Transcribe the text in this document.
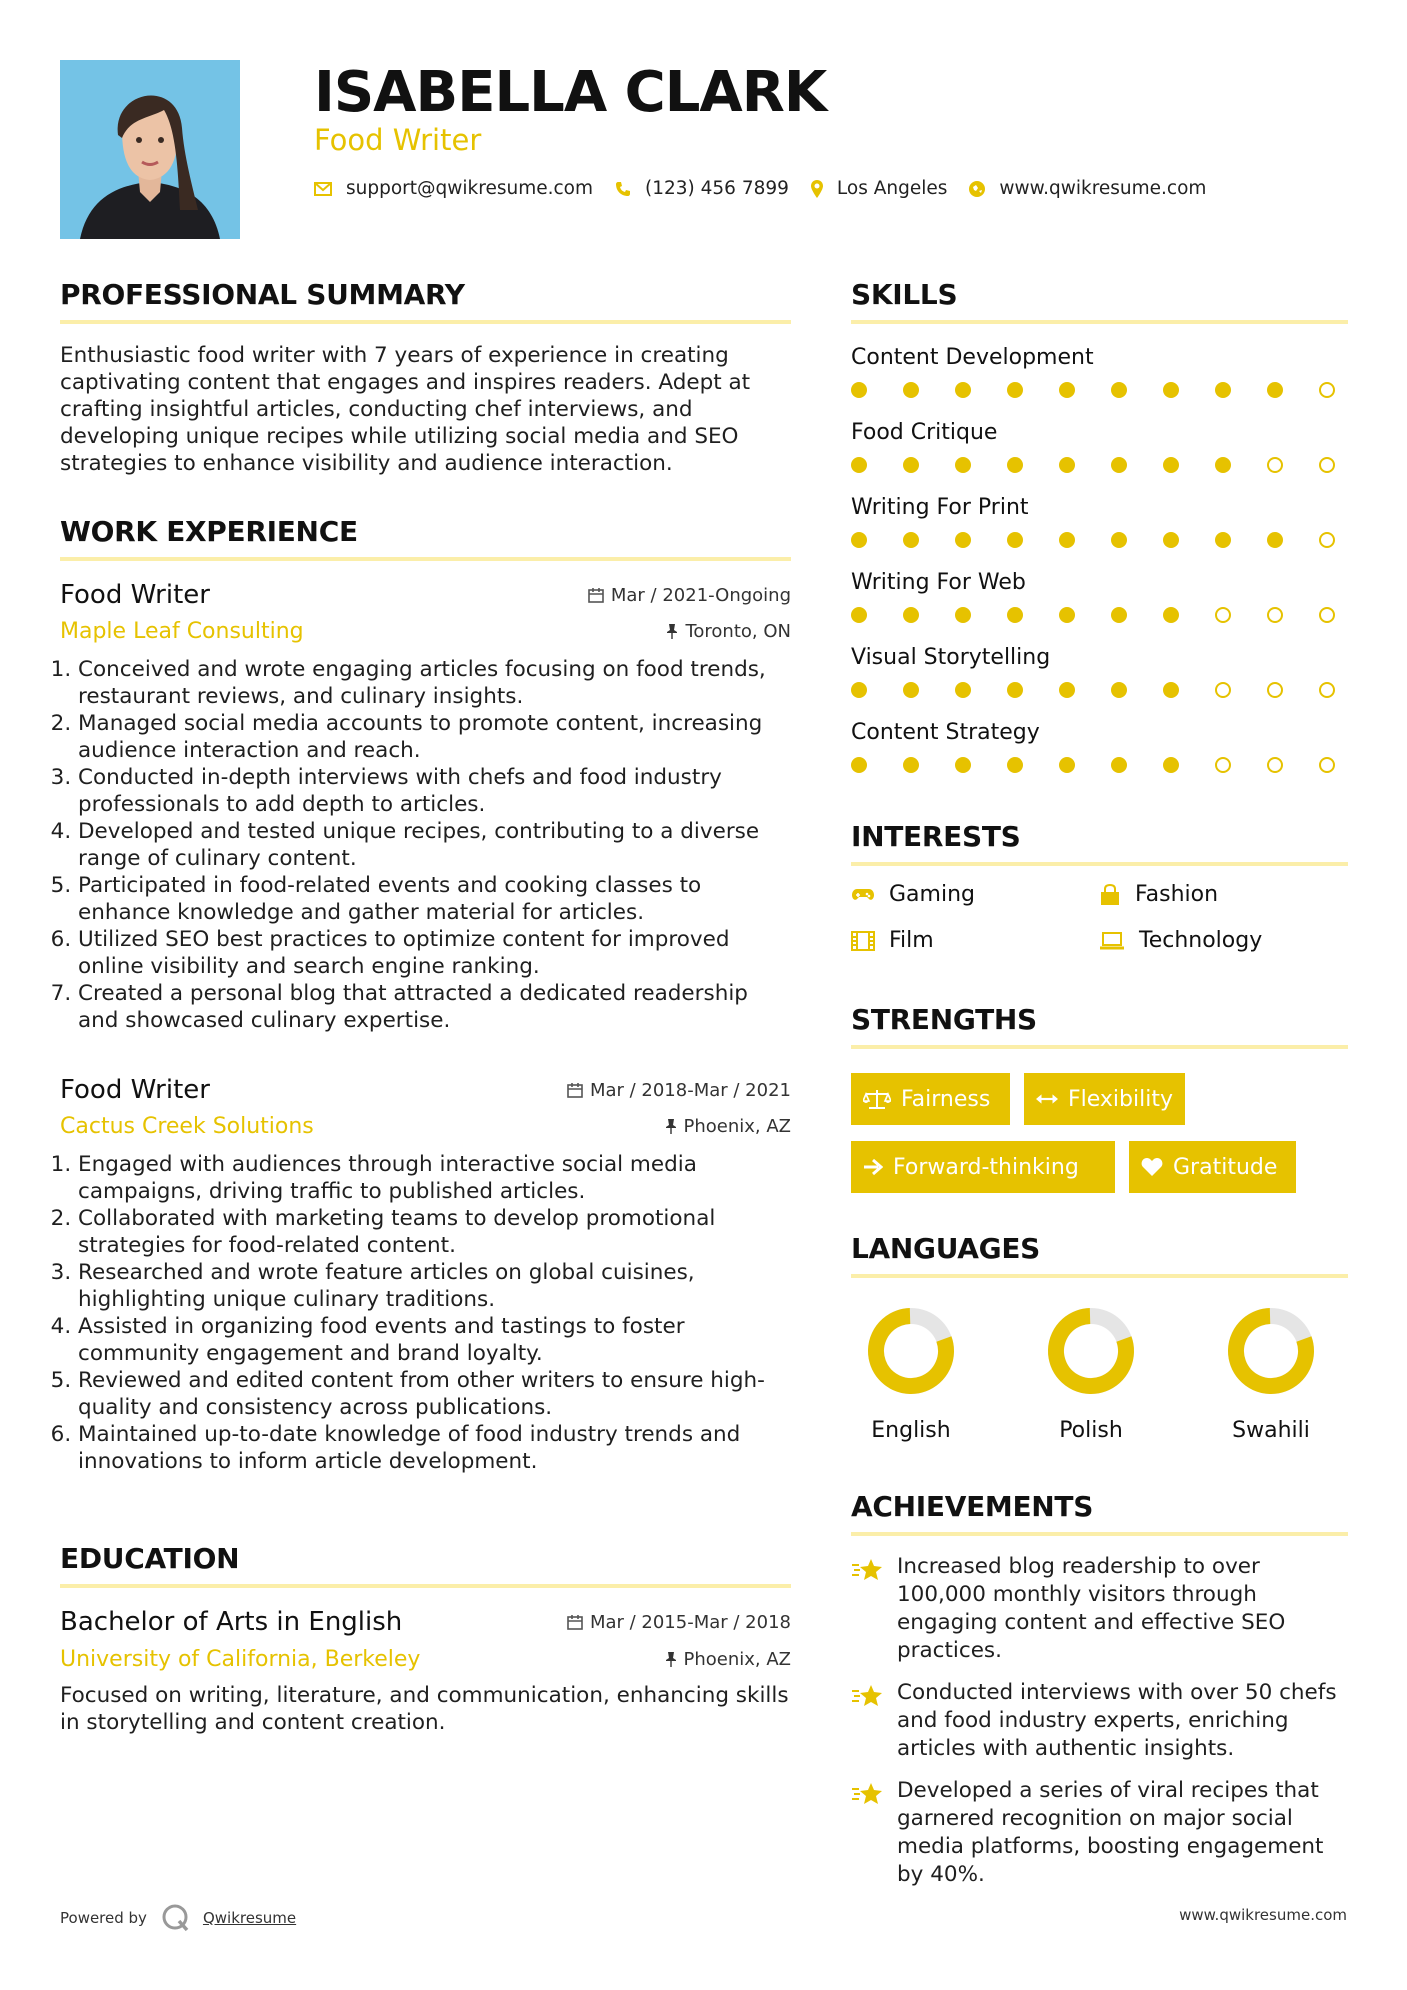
ISABELLA CLARK
Food Writer
support@qwikresume.com	(123) 456 7899	Los Angeles	www.qwikresume.com
PROFESSIONAL SUMMARY
Enthusiastic food writer with 7 years of experience in creating captivating content that engages and inspires readers. Adept at crafting insightful articles, conducting chef interviews, and developing unique recipes while utilizing social media and SEO strategies to enhance visibility and audience interaction.
WORK EXPERIENCE
Food Writer	Mar / 2021-Ongoing
Maple Leaf Consulting	Toronto, ON
1. Conceived and wrote engaging articles focusing on food trends, restaurant reviews, and culinary insights.
2. Managed social media accounts to promote content, increasing audience interaction and reach.
3. Conducted in-depth interviews with chefs and food industry professionals to add depth to articles.
4. Developed and tested unique recipes, contributing to a diverse range of culinary content.
5. Participated in food-related events and cooking classes to enhance knowledge and gather material for articles.
6. Utilized SEO best practices to optimize content for improved online visibility and search engine ranking.
7. Created a personal blog that attracted a dedicated readership and showcased culinary expertise.
Food Writer	Mar / 2018-Mar / 2021
Cactus Creek Solutions	Phoenix, AZ
1. Engaged with audiences through interactive social media campaigns, driving traffic to published articles.
2. Collaborated with marketing teams to develop promotional strategies for food-related content.
3. Researched and wrote feature articles on global cuisines, highlighting unique culinary traditions.
4. Assisted in organizing food events and tastings to foster community engagement and brand loyalty.
5. Reviewed and edited content from other writers to ensure high-quality and consistency across publications.
6. Maintained up-to-date knowledge of food industry trends and innovations to inform article development.
EDUCATION
Bachelor of Arts in English	Mar / 2015-Mar / 2018
University of California, Berkeley	Phoenix, AZ
Focused on writing, literature, and communication, enhancing skills in storytelling and content creation.
SKILLS
Content Development
Food Critique
Writing For Print
Writing For Web
Visual Storytelling
Content Strategy
INTERESTS
Gaming	Fashion
Film	Technology
STRENGTHS
Fairness	Flexibility
Forward-thinking	Gratitude
LANGUAGES
English	Polish	Swahili
ACHIEVEMENTS
Increased blog readership to over 100,000 monthly visitors through engaging content and effective SEO practices.
Conducted interviews with over 50 chefs and food industry experts, enriching articles with authentic insights.
Developed a series of viral recipes that garnered recognition on major social media platforms, boosting engagement by 40%.
Powered by	Qwikresume	www.qwikresume.com
